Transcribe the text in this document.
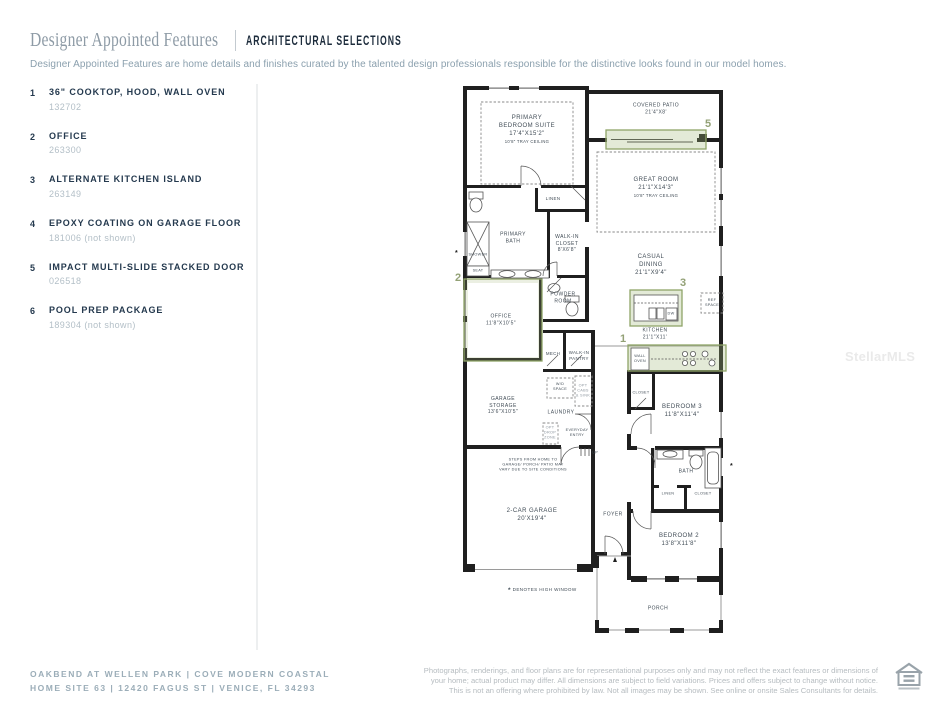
Designer Appointed Features ARCHITECTURAL SELECTIONS
Designer Appointed Features are home details and finishes curated by the talented design professionals responsible for the distinctive looks found in our model homes.
1	36" COOKTOP, HOOD, WALL OVEN
132702
2	OFFICE
263300
3	ALTERNATE KITCHEN ISLAND
263149
4	EPOXY COATING ON GARAGE FLOOR
181006 (not shown)
5	IMPACT MULTI-SLIDE STACKED DOOR
026518
6	POOL PREP PACKAGE
189304 (not shown)
PRIMARY
BEDROOM SUITE
17'4"X15'2"
10'8" TRAY CEILING
COVERED PATIO
21'4"X8'
GREAT ROOM
21'1"X14'3"
10'8" TRAY CEILING
CASUAL
DINING
21'1"X9'4"
LINEN
PRIMARY
BATH
WALK-IN
CLOSET
8'X6'8"
SHOWER
SEAT
POWDER
ROOM
OFFICE
11'8"X10'5"
MECH WALK-IN
PANTRY
KITCHEN
21'1"X11'
REF
SPACE
WALL
OVEN
DW
CLOSET
BEDROOM 3
11'8"X11'4"
GARAGE
STORAGE
13'6"X10'5"
W/D
SPACE
OPT
CABS
& SINK
LAUNDRY
OPT
DROP
ZONE
EVERYDAY
ENTRY
UP
STEPS FROM HOME TO
GARAGE/ PORCH/ PATIO MAY
VARY DUE TO SITE CONDITIONS
2-CAR GARAGE
20'X19'4"
FOYER
BATH
LINEN	CLOSET
BEDROOM 2
13'8"X11'8"
PORCH
5
2	3
1
*
*
* DENOTES HIGH WINDOW
StellarMLS
OAKBEND AT WELLEN PARK | COVE MODERN COASTAL
HOME SITE 63 | 12420 FAGUS ST | VENICE, FL 34293
Photographs, renderings, and floor plans are for representational purposes only and may not reflect the exact features or dimensions of
your home; actual product may differ. All dimensions are subject to field variations. Prices and offers subject to change without notice.
This is not an offering where prohibited by law. Not all images may be shown. See online or onsite Sales Consultants for details.
